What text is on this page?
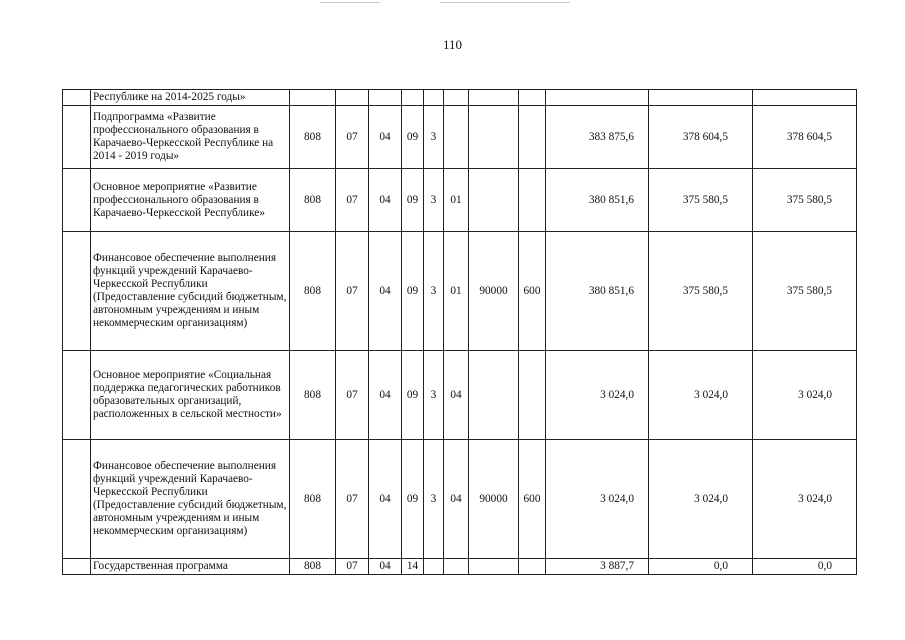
110
	Республике на 2014-2025 годы»											
	Подпрограмма «Развитие профессионального образования в Карачаево-Черкесской Республике на 2014 - 2019 годы»	808	07	04	09	3				383 875,6	378 604,5	378 604,5
	Основное мероприятие «Развитие профессионального образования в Карачаево-Черкесской Республике»	808	07	04	09	3	01			380 851,6	375 580,5	375 580,5
	Финансовое обеспечение выполнения функций учреждений Карачаево-Черкесской Республики (Предоставление субсидий бюджетным, автономным учреждениям и иным некоммерческим организациям)	808	07	04	09	3	01	90000	600	380 851,6	375 580,5	375 580,5
	Основное мероприятие «Социальная поддержка педагогических работников образовательных организаций, расположенных в сельской местности»	808	07	04	09	3	04			3 024,0	3 024,0	3 024,0
	Финансовое обеспечение выполнения функций учреждений Карачаево-Черкесской Республики (Предоставление субсидий бюджетным, автономным учреждениям и иным некоммерческим организациям)	808	07	04	09	3	04	90000	600	3 024,0	3 024,0	3 024,0
	Государственная программа	808	07	04	14					3 887,7	0,0	0,0
